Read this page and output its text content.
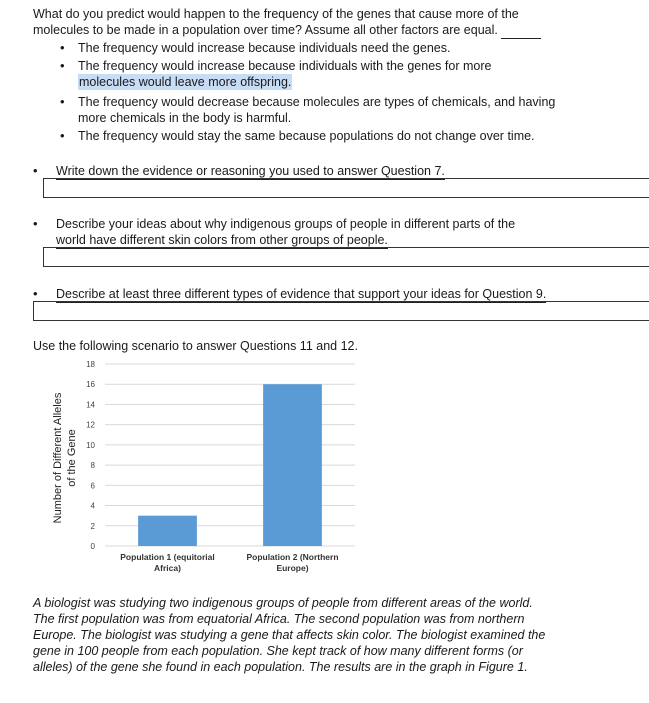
What do you predict would happen to the frequency of the genes that cause more of the
molecules to be made in a population over time? Assume all other factors are equal.
• The frequency would increase because individuals need the genes.
• The frequency would increase because individuals with the genes for more
molecules would leave more offspring.
• The frequency would decrease because molecules are types of chemicals, and having
more chemicals in the body is harmful.
• The frequency would stay the same because populations do not change over time.
• Write down the evidence or reasoning you used to answer Question 7.
• Describe your ideas about why indigenous groups of people in different parts of the
world have different skin colors from other groups of people.
• Describe at least three different types of evidence that support your ideas for Question 9.
Use the following scenario to answer Questions 11 and 12.
0
2
4
6
8
10
12
14
16
18
Population 1 (equitorial
Africa)
Population 2 (Northern
Europe)
Number of Different Alleles of the Gene
A biologist was studying two indigenous groups of people from different areas of the world.
The first population was from equatorial Africa. The second population was from northern
Europe. The biologist was studying a gene that affects skin color. The biologist examined the
gene in 100 people from each population. She kept track of how many different forms (or
alleles) of the gene she found in each population. The results are in the graph in Figure 1.
